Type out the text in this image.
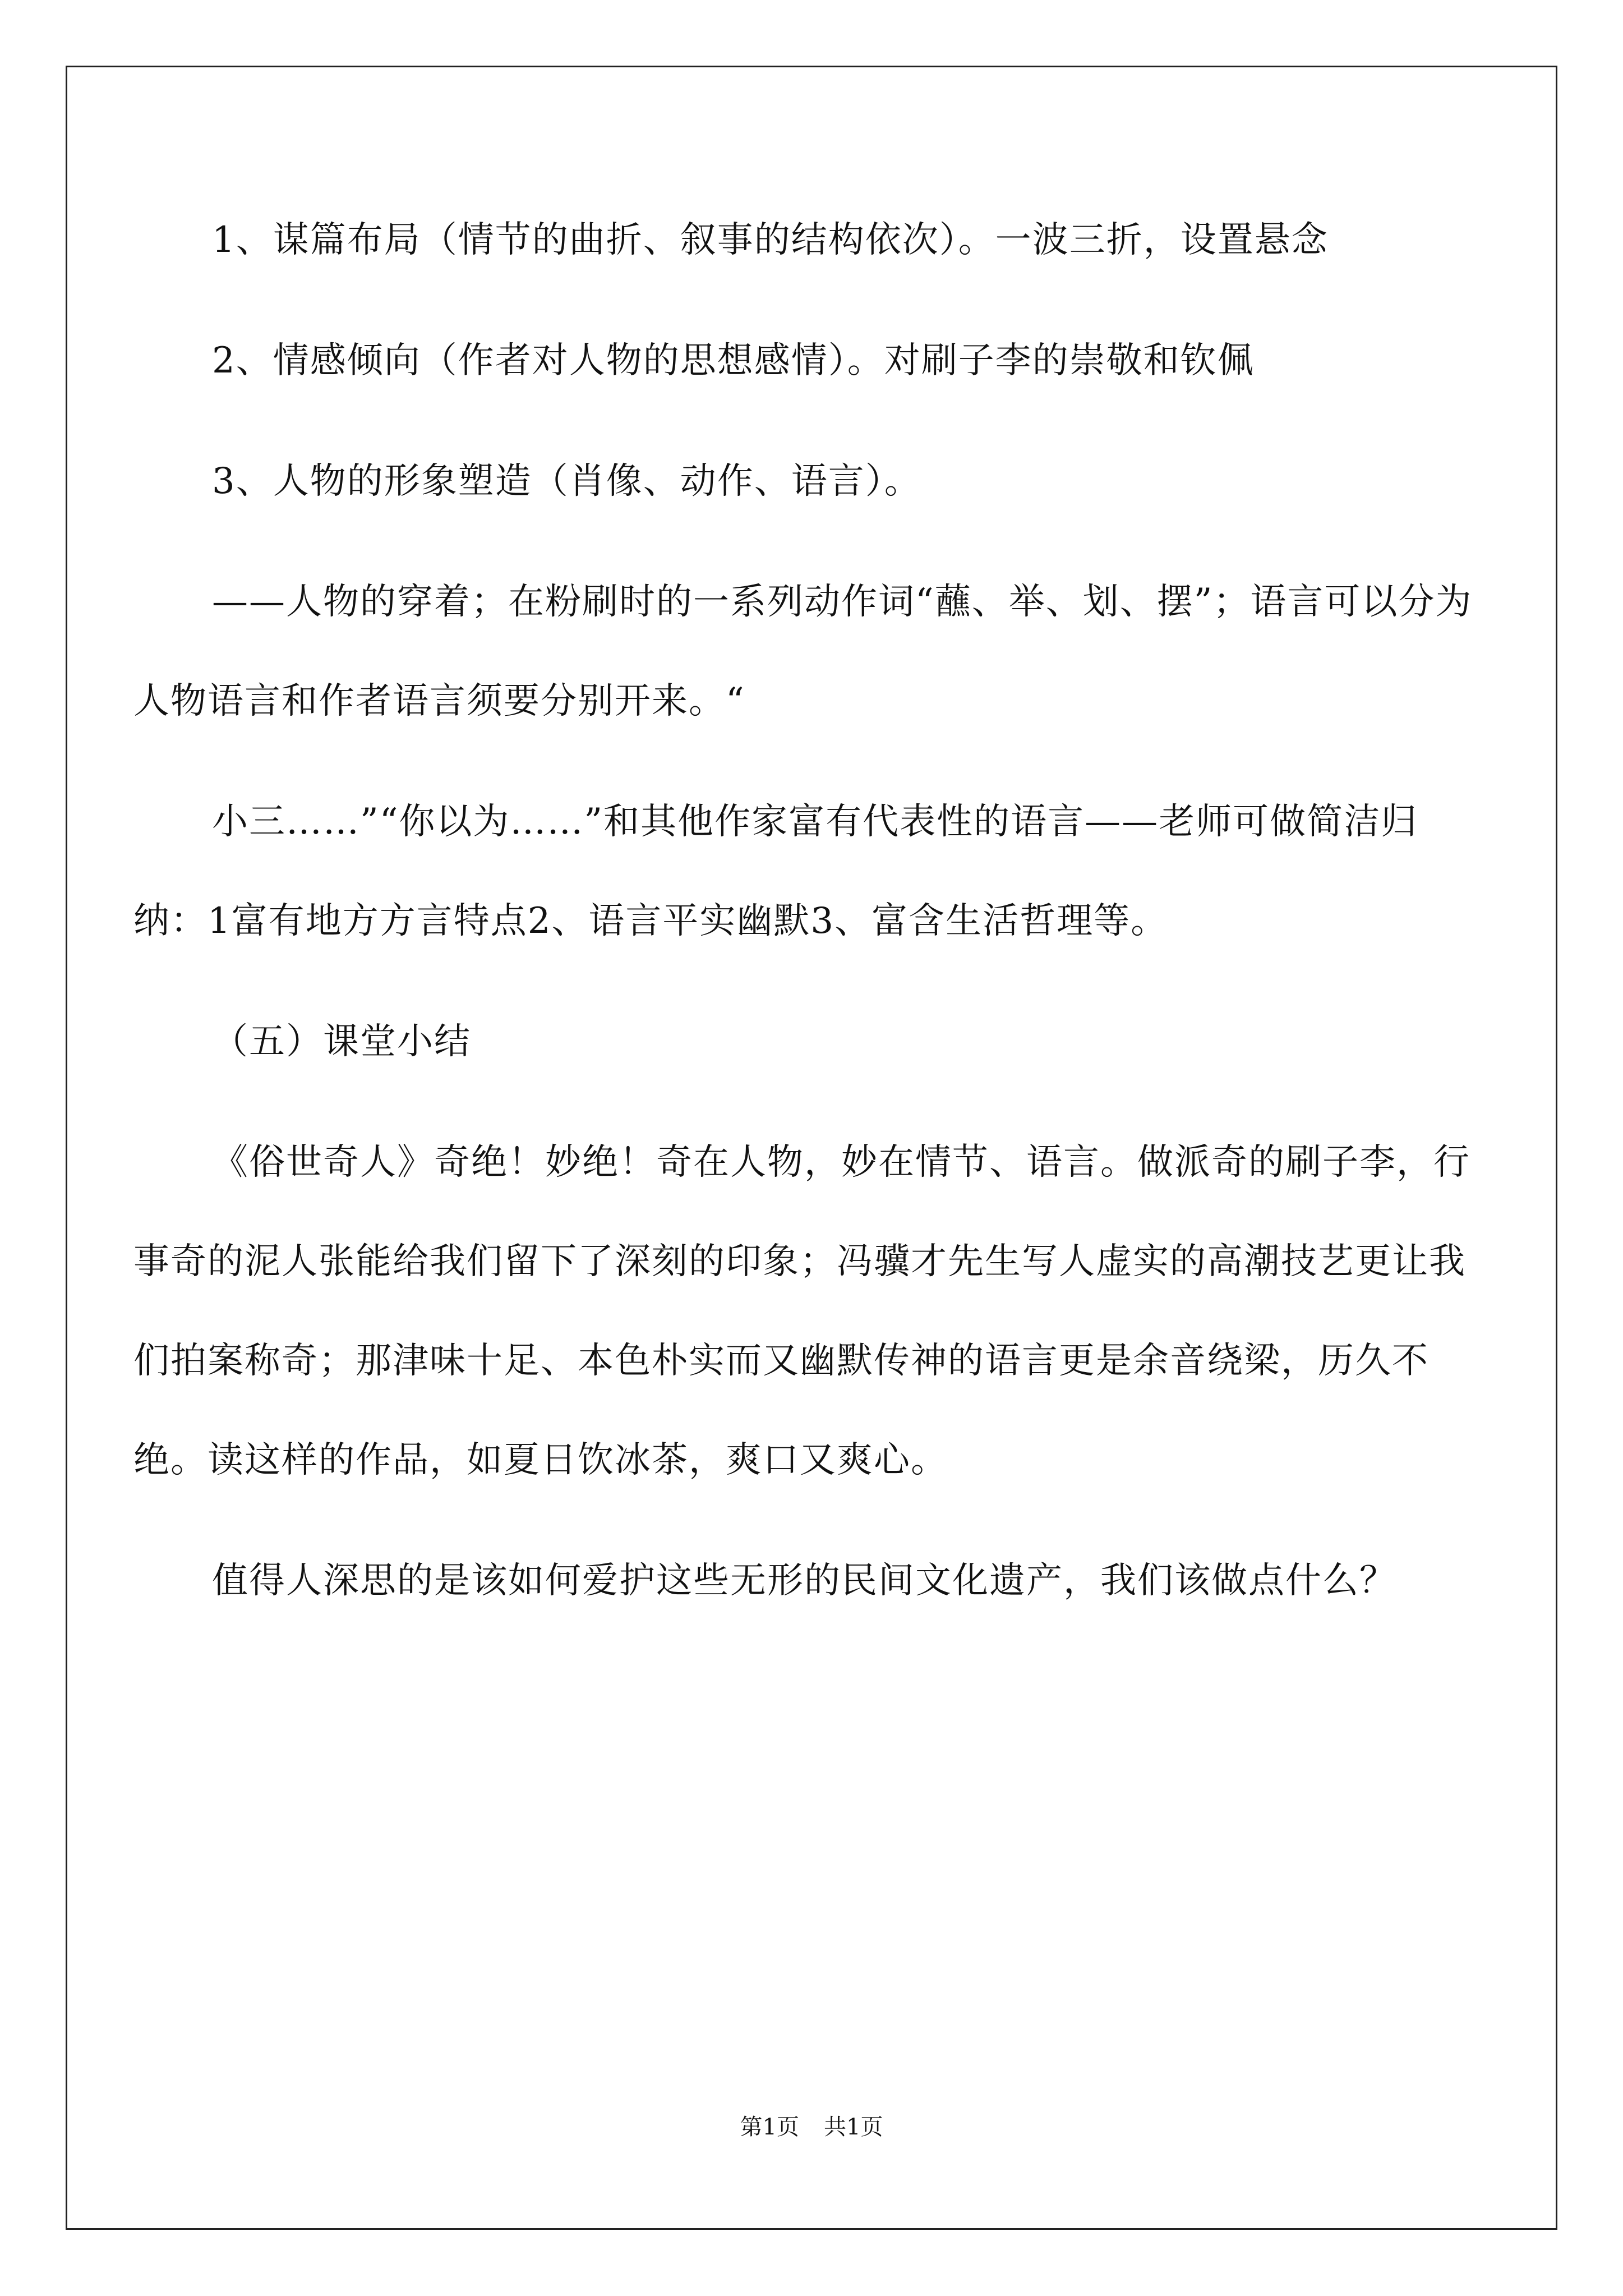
1、谋篇布局（情节的曲折、叙事的结构依次）。一波三折，设置悬念

2、情感倾向（作者对人物的思想感情）。对刷子李的崇敬和钦佩

3、人物的形象塑造（肖像、动作、语言）。

——人物的穿着；在粉刷时的一系列动作词“蘸、举、划、摆”；语言可以分为人物语言和作者语言须要分别开来。“

小三……”“你以为……”和其他作家富有代表性的语言——老师可做简洁归纳：1富有地方方言特点2、语言平实幽默3、富含生活哲理等。

（五）课堂小结

《俗世奇人》奇绝！妙绝！奇在人物，妙在情节、语言。做派奇的刷子李，行事奇的泥人张能给我们留下了深刻的印象；冯骥才先生写人虚实的高潮技艺更让我们拍案称奇；那津味十足、本色朴实而又幽默传神的语言更是余音绕梁，历久不绝。读这样的作品，如夏日饮冰茶，爽口又爽心。

值得人深思的是该如何爱护这些无形的民间文化遗产，我们该做点什么？

第1页 共1页
